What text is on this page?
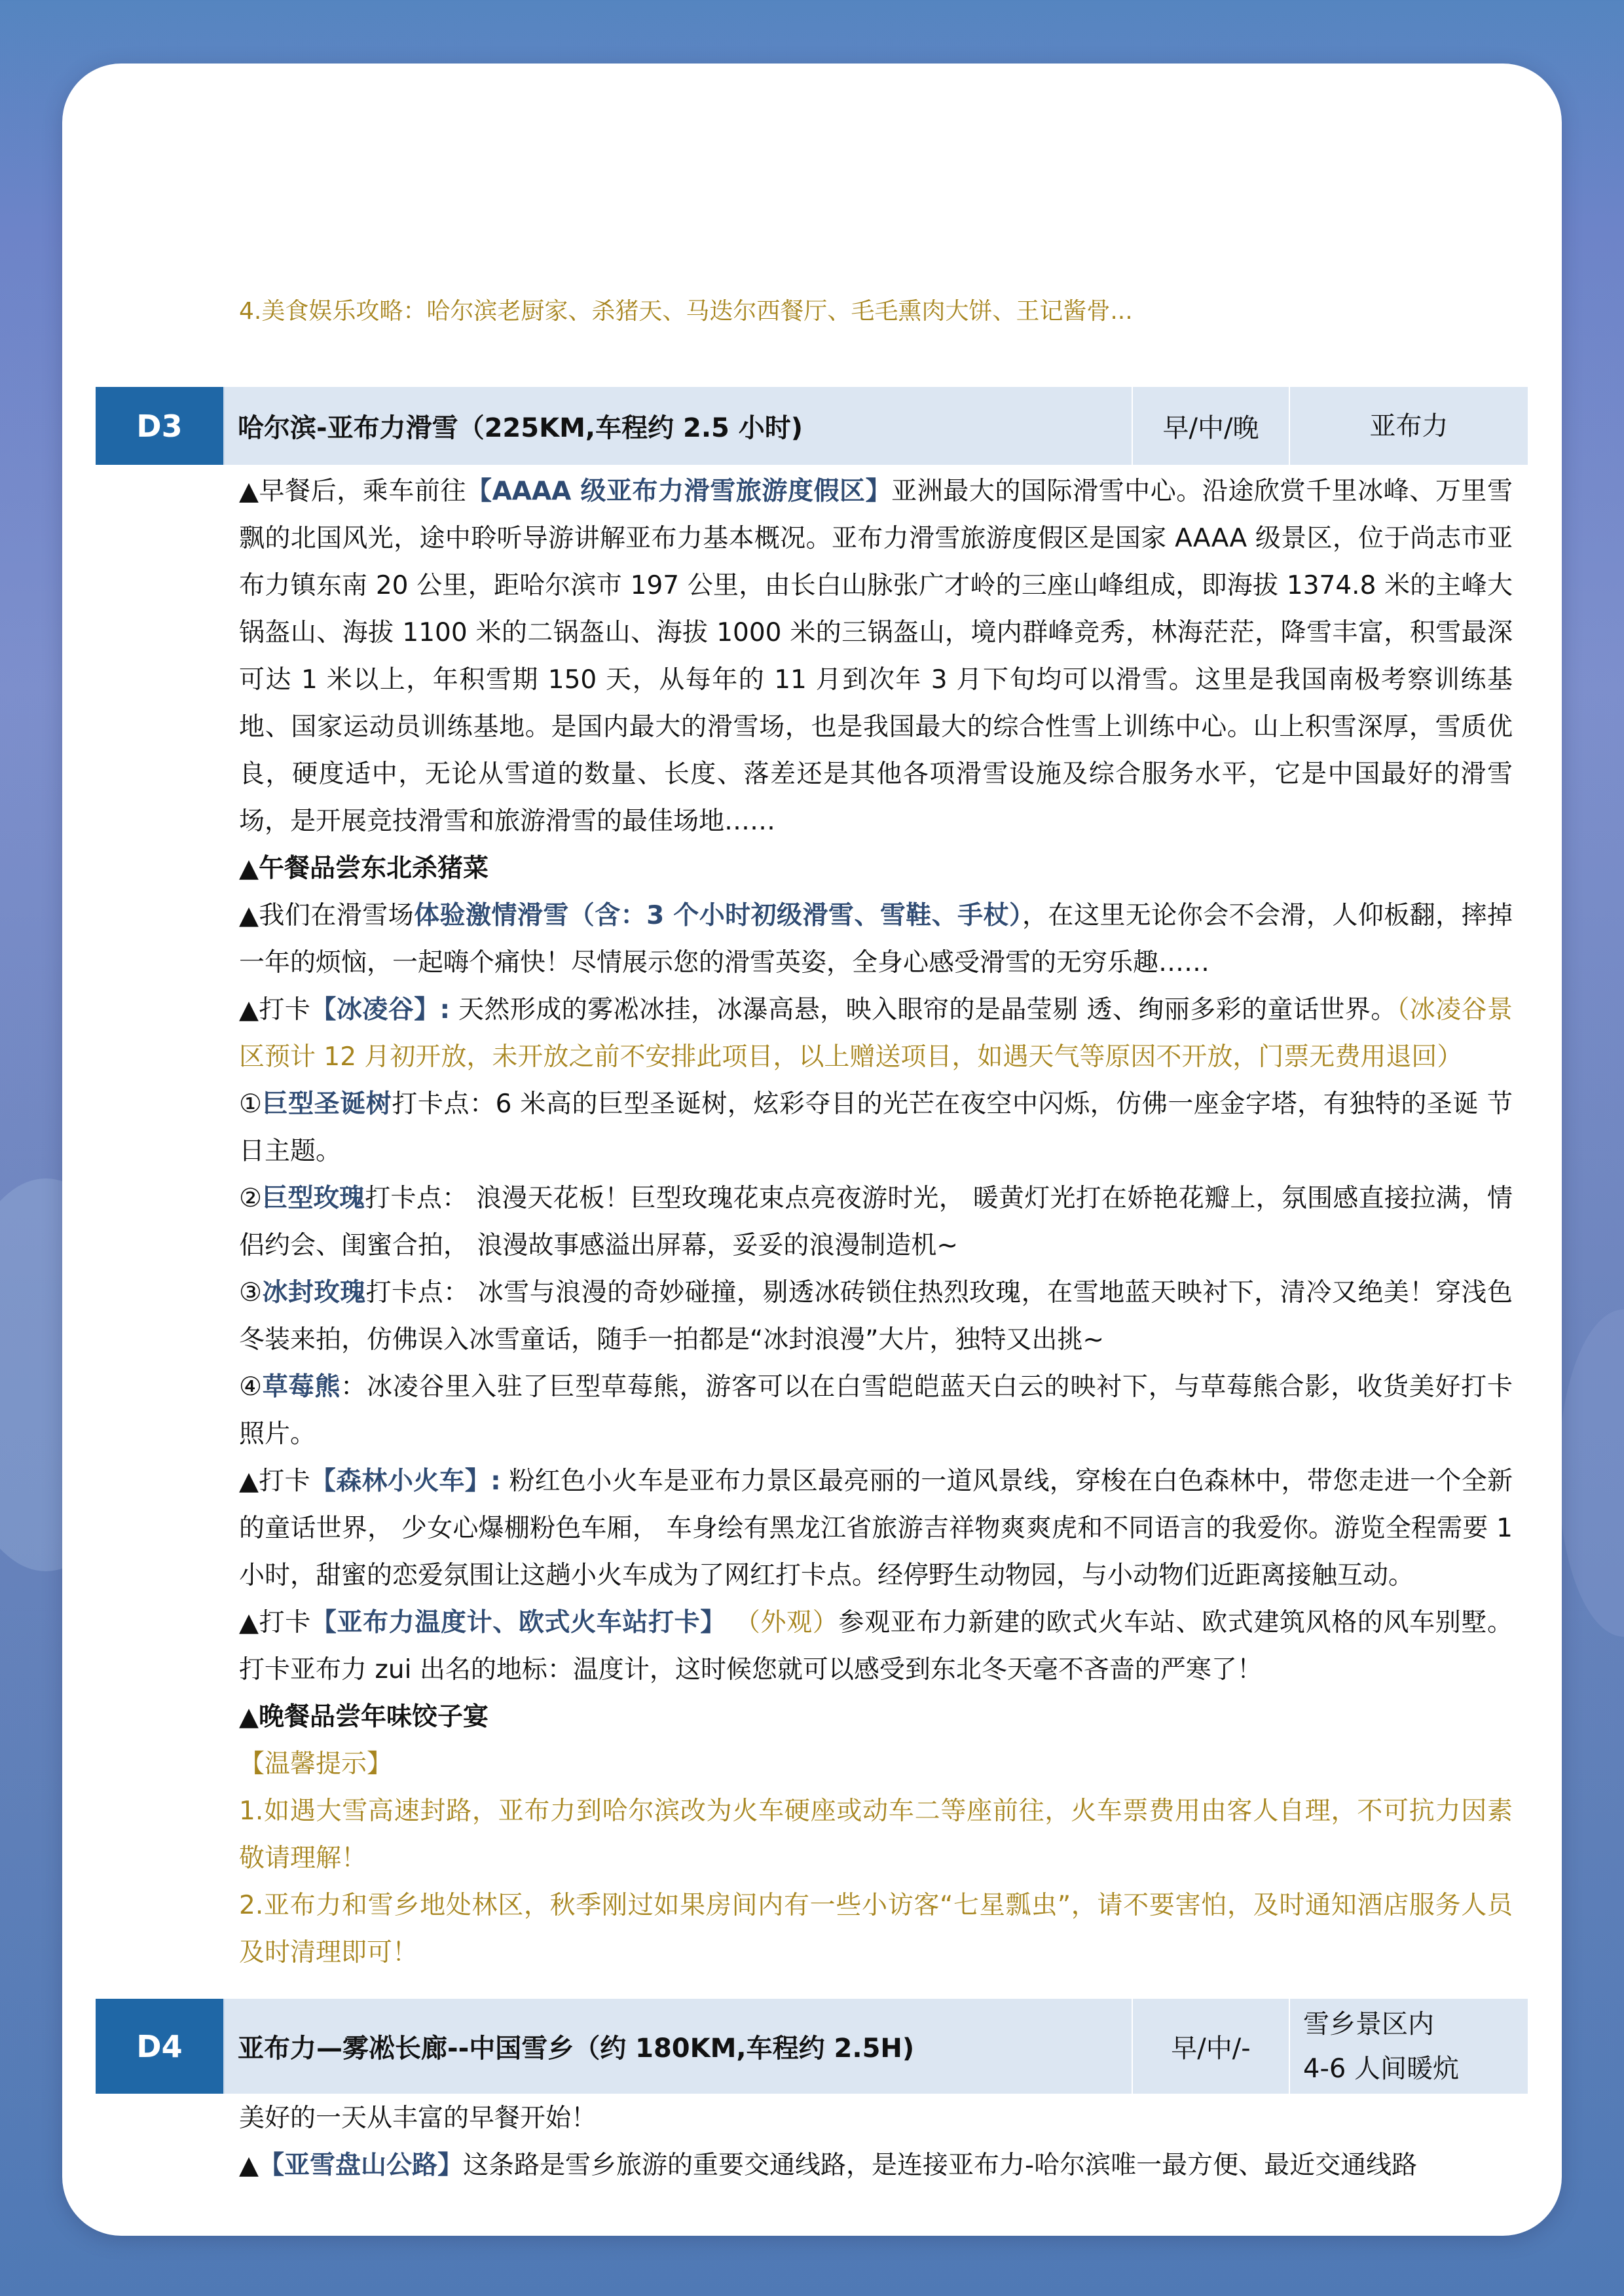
4.美食娱乐攻略：哈尔滨老厨家、杀猪天、马迭尔西餐厅、毛毛熏肉大饼、王记酱骨...
D3	哈尔滨-亚布力滑雪（225KM,车程约 2.5 小时)	早/中/晚	亚布力

▲早餐后，乘车前往【AAAA 级亚布力滑雪旅游度假区】亚洲最大的国际滑雪中心。沿途欣赏千里冰峰、万里雪飘的北国风光，途中聆听导游讲解亚布力基本概况。亚布力滑雪旅游度假区是国家 AAAA 级景区，位于尚志市亚布力镇东南 20 公里，距哈尔滨市 197 公里，由长白山脉张广才岭的三座山峰组成，即海拔 1374.8 米的主峰大锅盔山、海拔 1100 米的二锅盔山、海拔 1000 米的三锅盔山，境内群峰竞秀，林海茫茫，降雪丰富，积雪最深可达 1 米以上，年积雪期 150 天，从每年的 11 月到次年 3 月下旬均可以滑雪。这里是我国南极考察训练基地、国家运动员训练基地。是国内最大的滑雪场，也是我国最大的综合性雪上训练中心。山上积雪深厚，雪质优良，硬度适中，无论从雪道的数量、长度、落差还是其他各项滑雪设施及综合服务水平，它是中国最好的滑雪场，是开展竞技滑雪和旅游滑雪的最佳场地……

▲午餐品尝东北杀猪菜

▲我们在滑雪场体验激情滑雪（含：3 个小时初级滑雪、雪鞋、手杖），在这里无论你会不会滑，人仰板翻，摔掉一年的烦恼，一起嗨个痛快！尽情展示您的滑雪英姿，全身心感受滑雪的无穷乐趣……

▲打卡【冰凌谷】: 天然形成的雾凇冰挂，冰瀑高悬，映入眼帘的是晶莹剔 透、绚丽多彩的童话世界。（冰凌谷景区预计 12 月初开放，未开放之前不安排此项目，以上赠送项目，如遇天气等原因不开放，门票无费用退回）

①巨型圣诞树打卡点：6 米高的巨型圣诞树，炫彩夺目的光芒在夜空中闪烁，仿佛一座金字塔，有独特的圣诞 节日主题。

②巨型玫瑰打卡点： 浪漫天花板！巨型玫瑰花束点亮夜游时光， 暖黄灯光打在娇艳花瓣上，氛围感直接拉满，情侣约会、闺蜜合拍， 浪漫故事感溢出屏幕，妥妥的浪漫制造机~

③冰封玫瑰打卡点： 冰雪与浪漫的奇妙碰撞，剔透冰砖锁住热烈玫瑰，在雪地蓝天映衬下，清冷又绝美！穿浅色冬装来拍，仿佛误入冰雪童话，随手一拍都是“冰封浪漫”大片，独特又出挑~

④草莓熊：冰凌谷里入驻了巨型草莓熊，游客可以在白雪皑皑蓝天白云的映衬下，与草莓熊合影，收货美好打卡照片。

▲打卡【森林小火车】: 粉红色小火车是亚布力景区最亮丽的一道风景线，穿梭在白色森林中，带您走进一个全新的童话世界， 少女心爆棚粉色车厢， 车身绘有黑龙江省旅游吉祥物爽爽虎和不同语言的我爱你。游览全程需要 1 小时，甜蜜的恋爱氛围让这趟小火车成为了网红打卡点。经停野生动物园，与小动物们近距离接触互动。

▲打卡【亚布力温度计、欧式火车站打卡】 （外观）参观亚布力新建的欧式火车站、欧式建筑风格的风车别墅。打卡亚布力 zui 出名的地标：温度计，这时候您就可以感受到东北冬天毫不吝啬的严寒了！

▲晚餐品尝年味饺子宴

【温馨提示】

1.如遇大雪高速封路，亚布力到哈尔滨改为火车硬座或动车二等座前往，火车票费用由客人自理，不可抗力因素敬请理解！

2.亚布力和雪乡地处林区，秋季刚过如果房间内有一些小访客“七星瓢虫”，请不要害怕，及时通知酒店服务人员及时清理即可！

D4	亚布力—雾凇长廊--中国雪乡（约 180KM,车程约 2.5H)	早/中/-
雪乡景区内
4-6 人间暖炕

美好的一天从丰富的早餐开始！

▲【亚雪盘山公路】这条路是雪乡旅游的重要交通线路，是连接亚布力-哈尔滨唯一最方便、最近交通线路
